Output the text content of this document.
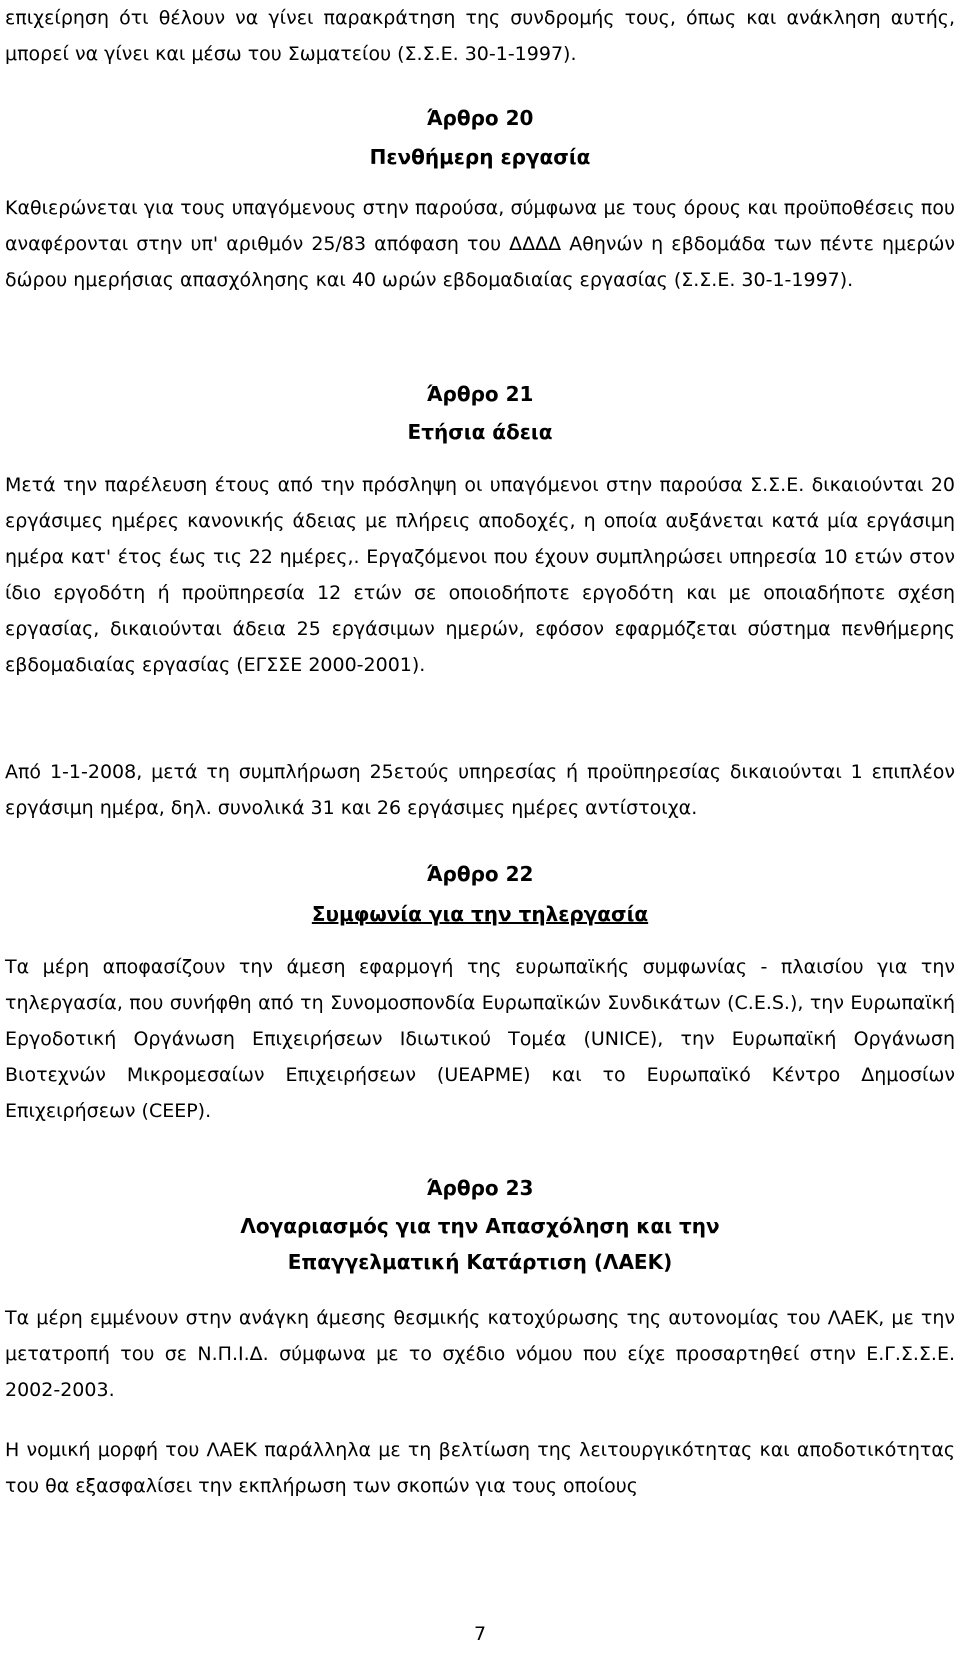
επιχείρηση ότι θέλουν να γίνει παρακράτηση της συνδρομής τους, όπως και ανάκληση αυτής, μπορεί να γίνει και μέσω του Σωματείου (Σ.Σ.Ε. 30-1-1997).

Άρθρο 20
Πενθήμερη εργασία

Καθιερώνεται για τους υπαγόμενους στην παρούσα, σύμφωνα με τους όρους και προϋποθέσεις που αναφέρονται στην υπ' αριθμόν 25/83 απόφαση του ΔΔΔΔ Αθηνών η εβδομάδα των πέντε ημερών δώρου ημερήσιας απασχόλησης και 40 ωρών εβδομαδιαίας εργασίας (Σ.Σ.Ε. 30-1-1997).

Άρθρο 21
Ετήσια άδεια

Μετά την παρέλευση έτους από την πρόσληψη οι υπαγόμενοι στην παρούσα Σ.Σ.Ε. δικαιούνται 20 εργάσιμες ημέρες κανονικής άδειας με πλήρεις αποδοχές, η οποία αυξάνεται κατά μία εργάσιμη ημέρα κατ' έτος έως τις 22 ημέρες,. Εργαζόμενοι που έχουν συμπληρώσει υπηρεσία 10 ετών στον ίδιο εργοδότη ή προϋπηρεσία 12 ετών σε οποιοδήποτε εργοδότη και με οποιαδήποτε σχέση εργασίας, δικαιούνται άδεια 25 εργάσιμων ημερών, εφόσον εφαρμόζεται σύστημα πενθήμερης εβδομαδιαίας εργασίας (ΕΓΣΣΕ 2000-2001).

Από 1-1-2008, μετά τη συμπλήρωση 25ετούς υπηρεσίας ή προϋπηρεσίας δικαιούνται 1 επιπλέον εργάσιμη ημέρα, δηλ. συνολικά 31 και 26 εργάσιμες ημέρες αντίστοιχα.

Άρθρο 22
Συμφωνία για την τηλεργασία

Τα μέρη αποφασίζουν την άμεση εφαρμογή της ευρωπαϊκής συμφωνίας - πλαισίου για την τηλεργασία, που συνήφθη από τη Συνομοσπονδία Ευρωπαϊκών Συνδικάτων (C.E.S.), την Ευρωπαϊκή Εργοδοτική Οργάνωση Επιχειρήσεων Ιδιωτικού Τομέα (UNICE), την Ευρωπαϊκή Οργάνωση Βιοτεχνών Μικρομεσαίων Επιχειρήσεων (UEAPME) και το Ευρωπαϊκό Κέντρο Δημοσίων Επιχειρήσεων (CEEP).

Άρθρο 23
Λογαριασμός για την Απασχόληση και την Επαγγελματική Κατάρτιση (ΛΑΕΚ)

Τα μέρη εμμένουν στην ανάγκη άμεσης θεσμικής κατοχύρωσης της αυτονομίας του ΛΑΕΚ, με την μετατροπή του σε Ν.Π.Ι.Δ. σύμφωνα με το σχέδιο νόμου που είχε προσαρτηθεί στην Ε.Γ.Σ.Σ.Ε. 2002-2003.

Η νομική μορφή του ΛΑΕΚ παράλληλα με τη βελτίωση της λειτουργικότητας και αποδοτικότητας του θα εξασφαλίσει την εκπλήρωση των σκοπών για τους οποίους

7
